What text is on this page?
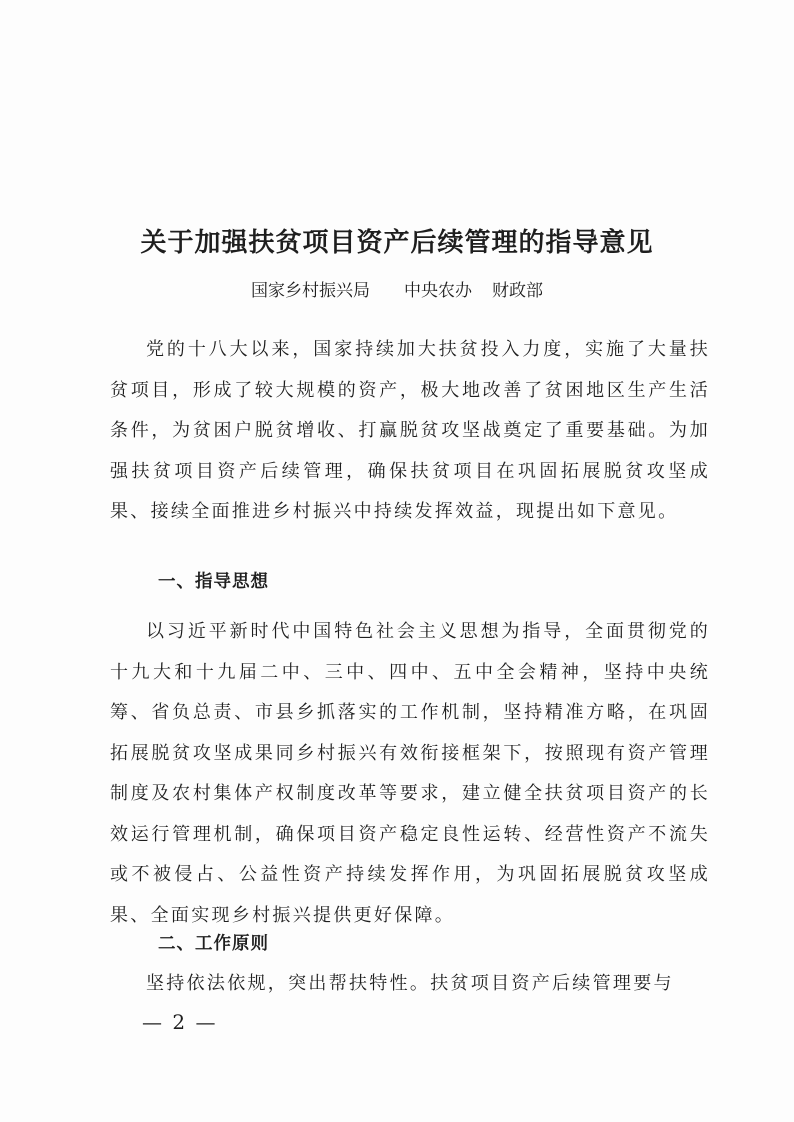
关于加强扶贫项目资产后续管理的指导意见
国家乡村振兴局 中央农办 财政部

党的十八大以来，国家持续加大扶贫投入力度，实施了大量扶贫项目，形成了较大规模的资产，极大地改善了贫困地区生产生活条件，为贫困户脱贫增收、打赢脱贫攻坚战奠定了重要基础。为加强扶贫项目资产后续管理，确保扶贫项目在巩固拓展脱贫攻坚成果、接续全面推进乡村振兴中持续发挥效益，现提出如下意见。

一、指导思想

以习近平新时代中国特色社会主义思想为指导，全面贯彻党的十九大和十九届二中、三中、四中、五中全会精神，坚持中央统筹、省负总责、市县乡抓落实的工作机制，坚持精准方略，在巩固拓展脱贫攻坚成果同乡村振兴有效衔接框架下，按照现有资产管理制度及农村集体产权制度改革等要求，建立健全扶贫项目资产的长效运行管理机制，确保项目资产稳定良性运转、经营性资产不流失或不被侵占、公益性资产持续发挥作用，为巩固拓展脱贫攻坚成果、全面实现乡村振兴提供更好保障。

二、工作原则

坚持依法依规，突出帮扶特性。扶贫项目资产后续管理要与

— 2 —
